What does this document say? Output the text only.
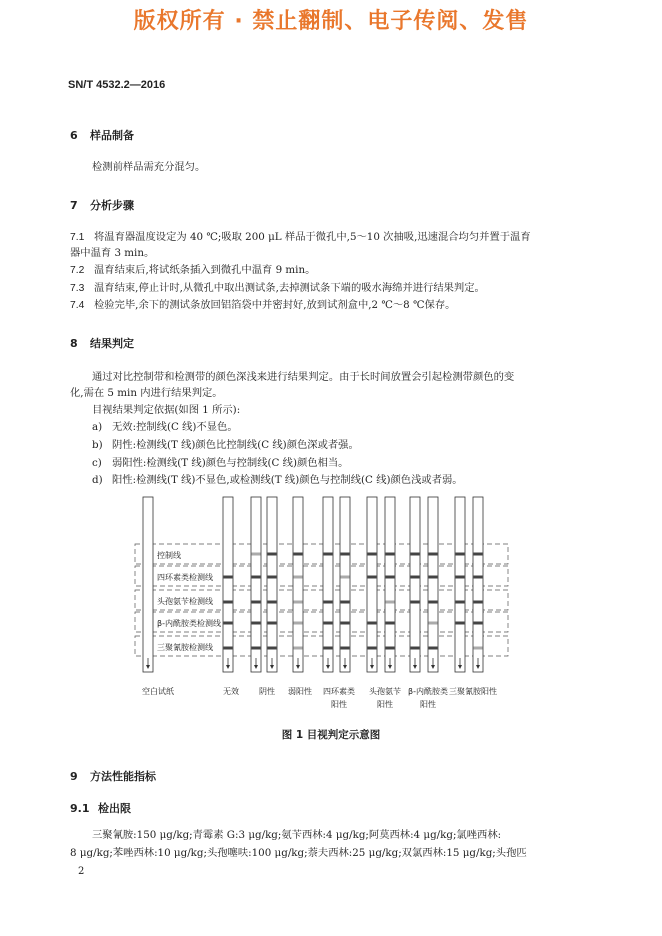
版权所有 · 禁止翻制、电子传阅、发售
SN/T 4532.2—2016
6 样品制备
检测前样品需充分混匀。
7 分析步骤
7.1 将温育器温度设定为 40 ℃;吸取 200 μL 样品于微孔中,5～10 次抽吸,迅速混合均匀并置于温育
器中温育 3 min。
7.2 温育结束后,将试纸条插入到微孔中温育 9 min。
7.3 温育结束,停止计时,从微孔中取出测试条,去掉测试条下端的吸水海绵并进行结果判定。
7.4 检验完毕,余下的测试条放回铝箔袋中并密封好,放到试剂盒中,2 ℃～8 ℃保存。
8 结果判定
通过对比控制带和检测带的颜色深浅来进行结果判定。由于长时间放置会引起检测带颜色的变
化,需在 5 min 内进行结果判定。
目视结果判定依据(如图 1 所示):
a) 无效:控制线(C 线)不显色。
b) 阴性:检测线(T 线)颜色比控制线(C 线)颜色深或者强。
c) 弱阳性:检测线(T 线)颜色与控制线(C 线)颜色相当。
d) 阳性:检测线(T 线)不显色,或检测线(T 线)颜色与控制线(C 线)颜色浅或者弱。
空白试纸	无效	阴性 弱阳性 四环素类
阳性
头孢氨苄
阳性
β-内酰胺类
阳性
三聚氰胺阳性
控制线
四环素类检测线
头孢氨苄检测线
β-内酰胺类检测线
三聚氰胺检测线
图 1 目视判定示意图
9 方法性能指标
9.1 检出限
三聚氰胺:150 μg/kg;青霉素 G:3 μg/kg;氨苄西林:4 μg/kg;阿莫西林:4 μg/kg;氯唑西林:
8 μg/kg;苯唑西林:10 μg/kg;头孢噻呋:100 μg/kg;萘夫西林:25 μg/kg;双氯西林:15 μg/kg;头孢匹
2
